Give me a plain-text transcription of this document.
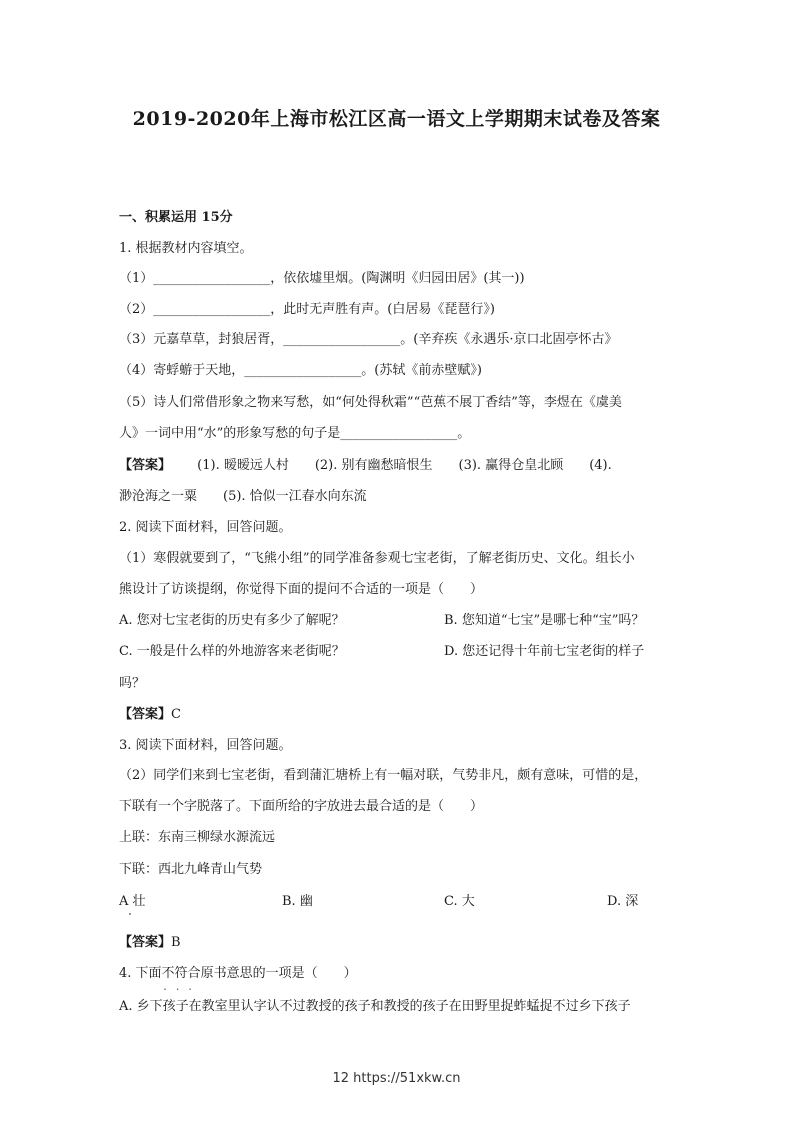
2019-2020年上海市松江区高一语文上学期期末试卷及答案
一、积累运用 15分
1. 根据教材内容填空。
（1）__________________，依依墟里烟。(陶渊明《归园田居》(其一))
（2）__________________，此时无声胜有声。(白居易《琵琶行》)
（3）元嘉草草，封狼居胥，__________________。(辛弃疾《永遇乐·京口北固亭怀古》
（4）寄蜉蝣于天地，__________________。(苏轼《前赤壁赋》)
（5）诗人们常借形象之物来写愁，如“何处得秋霜”“芭蕉不展丁香结”等，李煜在《虞美
人》一词中用“水”的形象写愁的句子是__________________。
【答案】 (1). 暧暧远人村　　(2). 别有幽愁暗恨生　　(3). 赢得仓皇北顾　　(4).
渺沧海之一粟　　(5). 恰似一江春水向东流
2. 阅读下面材料，回答问题。
（1）寒假就要到了，“飞熊小组”的同学准备参观七宝老街，了解老街历史、文化。组长小
熊设计了访谈提纲，你觉得下面的提问不合适的一项是（　　）
A. 您对七宝老街的历史有多少了解呢？	B. 您知道“七宝”是哪七种“宝”吗？
C. 一般是什么样的外地游客来老街呢？	D. 您还记得十年前七宝老街的样子
吗？
【答案】C
3. 阅读下面材料，回答问题。
（2）同学们来到七宝老街，看到蒲汇塘桥上有一幅对联，气势非凡，颇有意味，可惜的是，
下联有一个字脱落了。下面所给的字放进去最合适的是（　　）
上联：东南三柳绿水源流远
下联：西北九峰青山气势
A 壮	B. 幽	C. 大	D. 深
【答案】B
4. 下面不符合 • • •原书意思的一项是（　　）
A. 乡下孩子在教室里认字认不过教授的孩子和教授的孩子在田野里捉蚱蜢捉不过乡下孩子
12 https://51xkw.cn
